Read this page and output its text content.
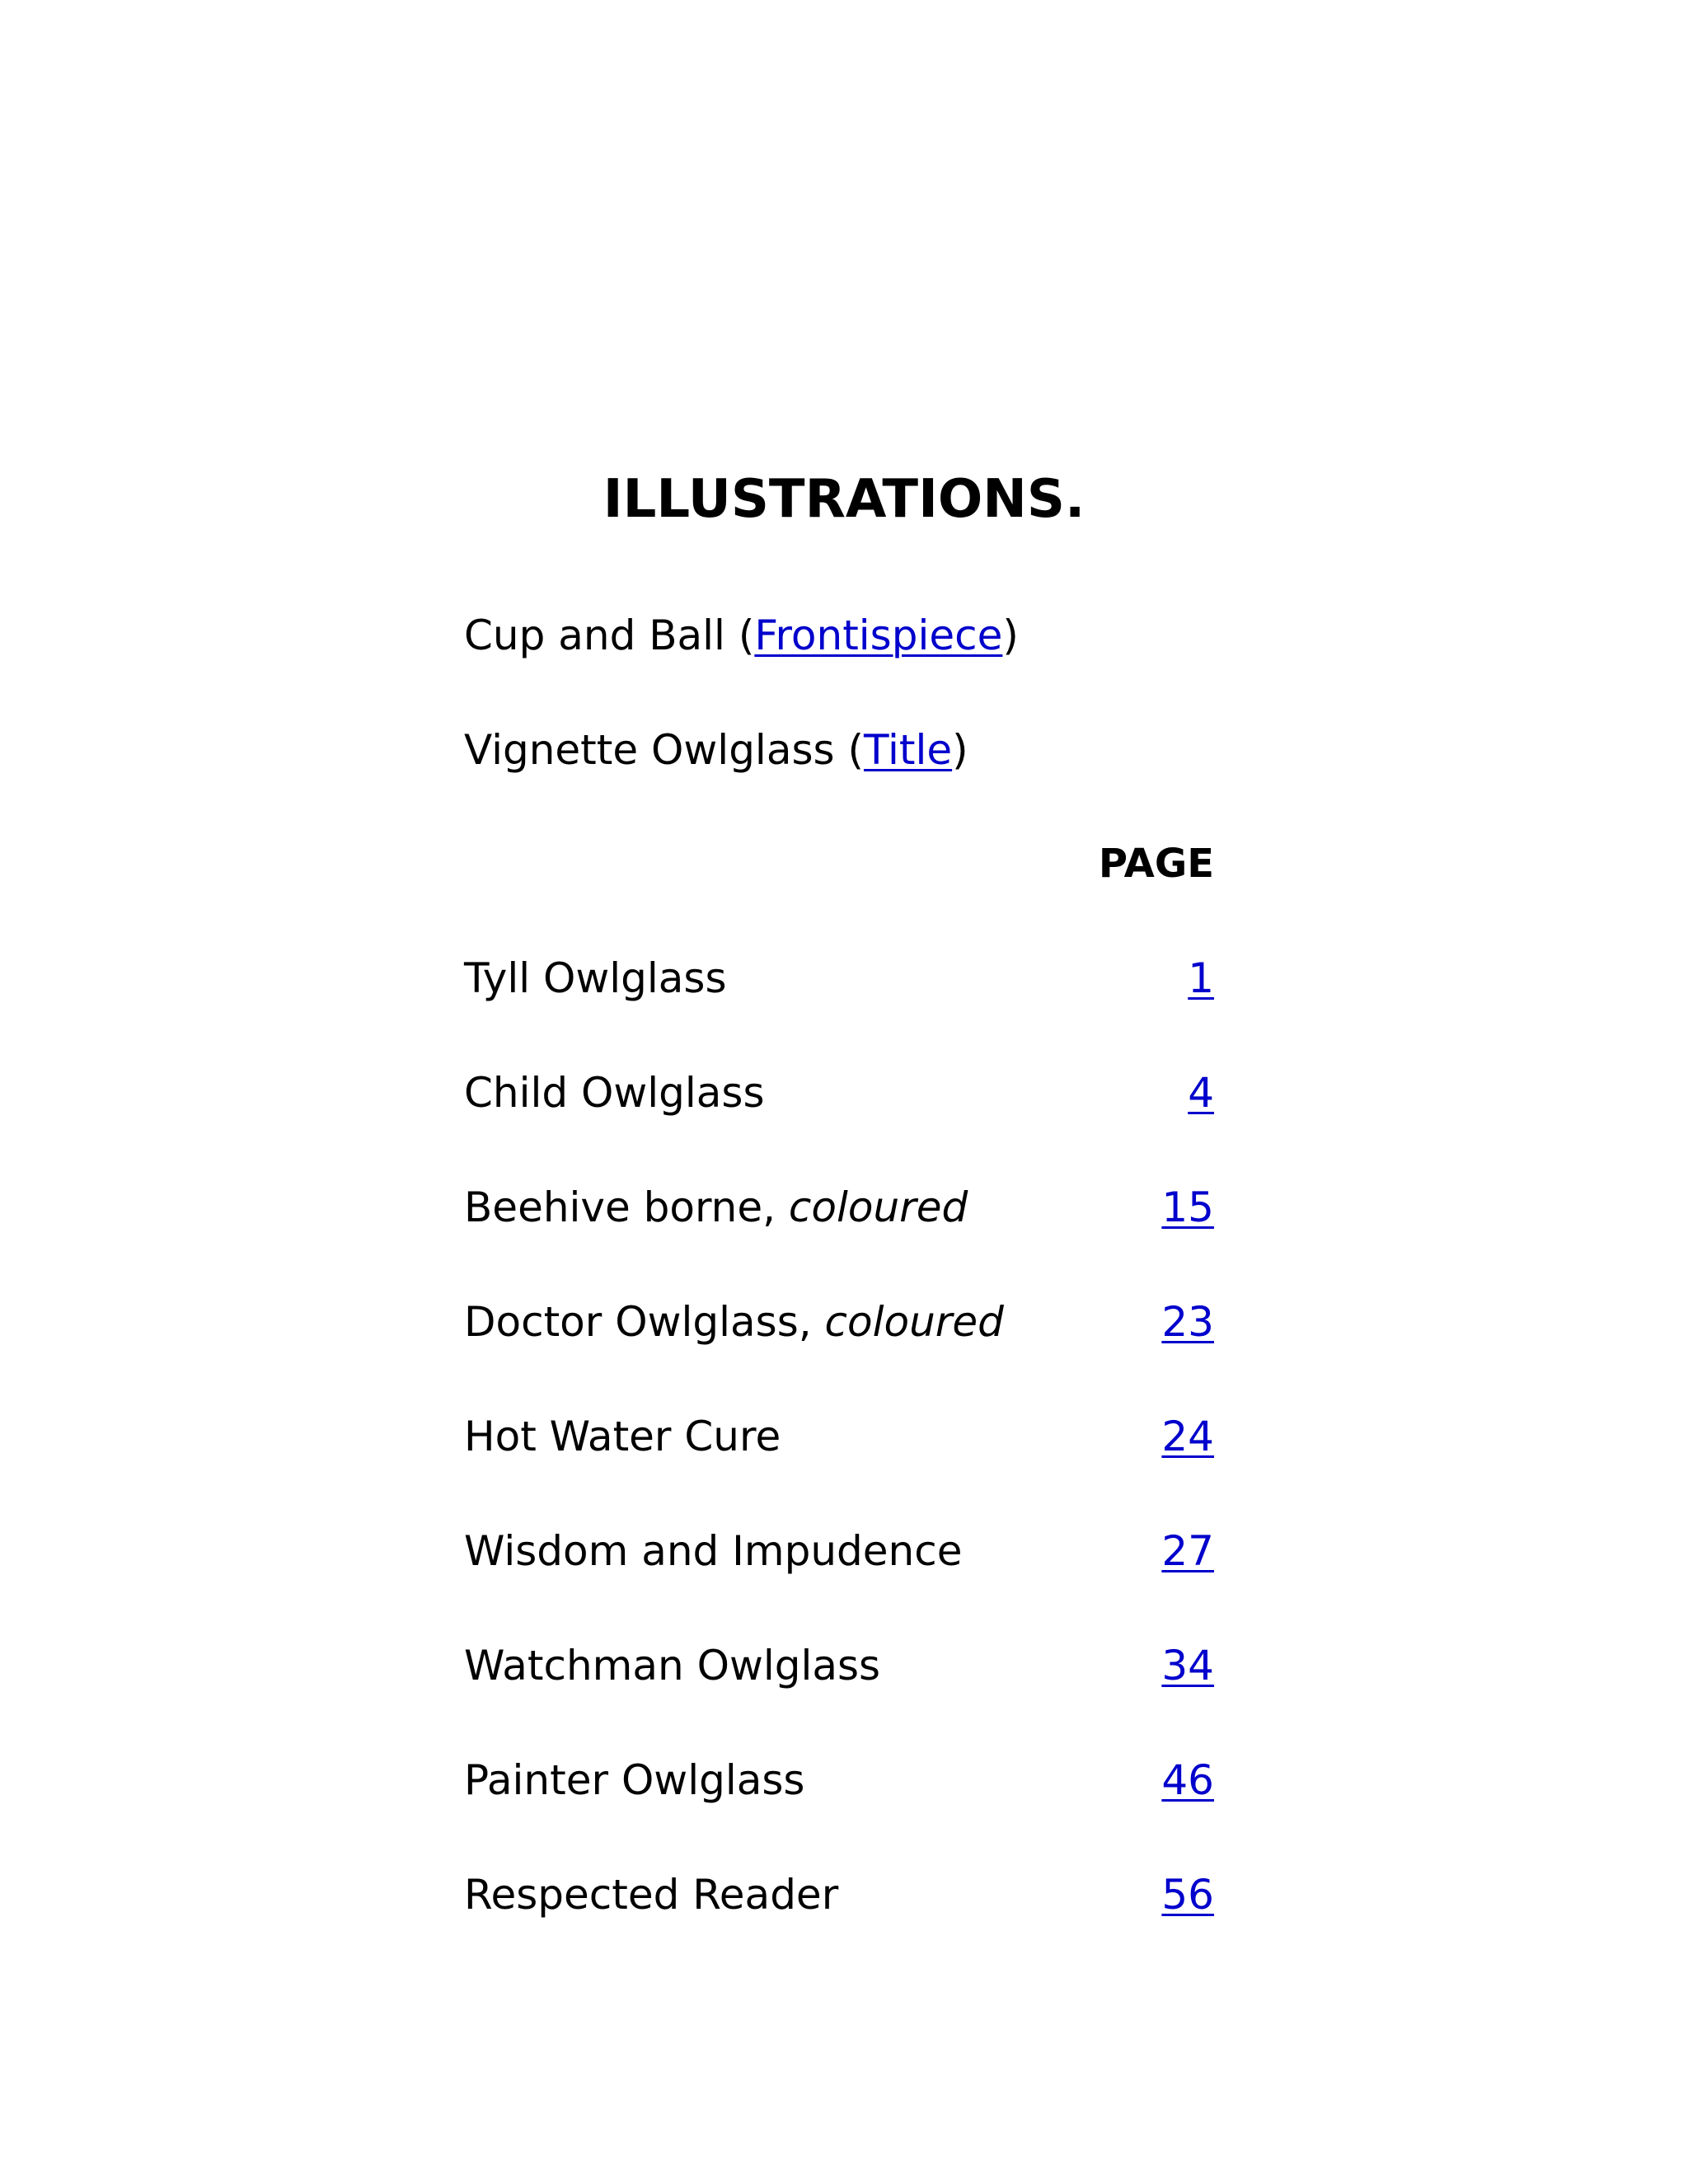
ILLUSTRATIONS.
Cup and Ball (Frontispiece)
Vignette Owlglass (Title)
PAGE
Tyll Owlglass	1
Child Owlglass	4
Beehive borne, coloured	15
Doctor Owlglass, coloured	23
Hot Water Cure	24
Wisdom and Impudence	27
Watchman Owlglass	34
Painter Owlglass	46
Respected Reader	56
